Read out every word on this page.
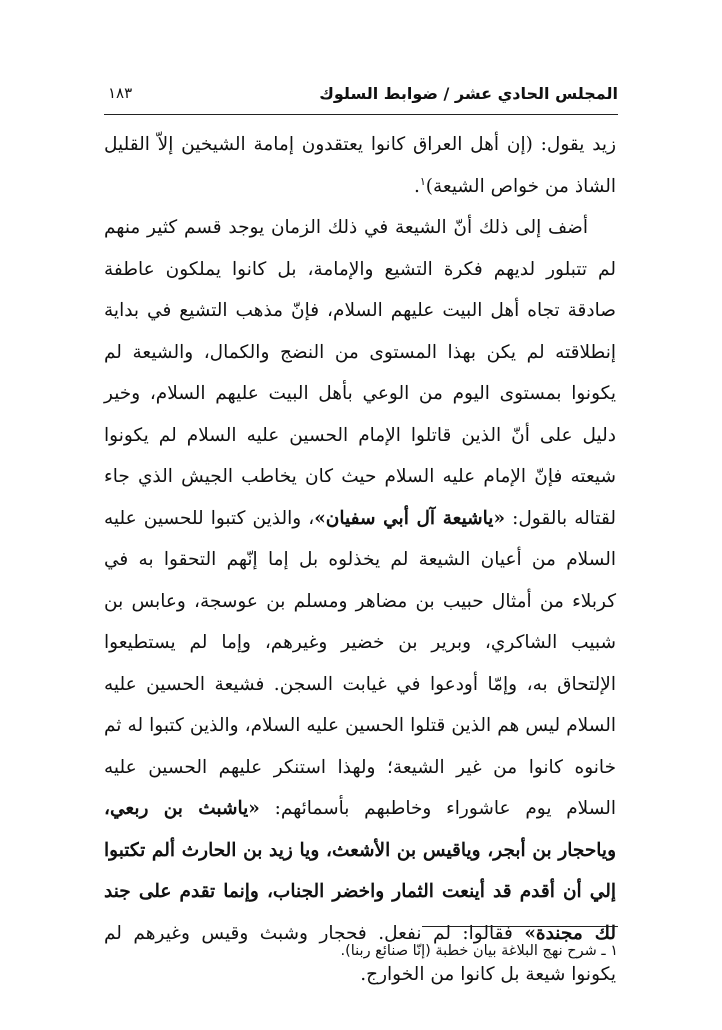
المجلس الحادي عشر / ضوابط السلوك
١٨٣

زيد يقول: (إن أهل العراق كانوا يعتقدون إمامة الشيخين إلاّ القليل الشاذ من خواص الشيعة)$^١$.

أضف إلى ذلك أنّ الشيعة في ذلك الزمان يوجد قسم كثير منهم لم تتبلور لديهم فكرة التشيع والإمامة، بل كانوا يملكون عاطفة صادقة تجاه أهل البيت عليهم السلام، فإنّ مذهب التشيع في بداية إنطلاقته لم يكن بهذا المستوى من النضج والكمال، والشيعة لم يكونوا بمستوى اليوم من الوعي بأهل البيت عليهم السلام، وخير دليل على أنّ الذين قاتلوا الإمام الحسين عليه السلام لم يكونوا شيعته فإنّ الإمام عليه السلام حيث كان يخاطب الجيش الذي جاء لقتاله بالقول: «ياشيعة آل أبي سفيان»، والذين كتبوا للحسين عليه السلام من أعيان الشيعة لم يخذلوه بل إما إنّهم التحقوا به في كربلاء من أمثال حبيب بن مضاهر ومسلم بن عوسجة، وعابس بن شبيب الشاكري، وبرير بن خضير وغيرهم، وإما لم يستطيعوا الإلتحاق به، وإمّا أودعوا في غيابت السجن. فشيعة الحسين عليه السلام ليس هم الذين قتلوا الحسين عليه السلام، والذين كتبوا له ثم خانوه كانوا من غير الشيعة؛ ولهذا استنكر عليهم الحسين عليه السلام يوم عاشوراء وخاطبهم بأسمائهم: «ياشبث بن ربعي، وياحجار بن أبجر، وياقيس بن الأشعث، ويا زيد بن الحارث ألم تكتبوا إلي أن أقدم قد أينعت الثمار واخضر الجناب، وإنما تقدم على جند لك مجندة» فقالوا: لم نفعل. فحجار وشبث وقيس وغيرهم لم يكونوا شيعة بل كانوا من الخوارج.

١ ـ شرح نهج البلاغة بيان خطبة (إنّا صنائع ربنا).
